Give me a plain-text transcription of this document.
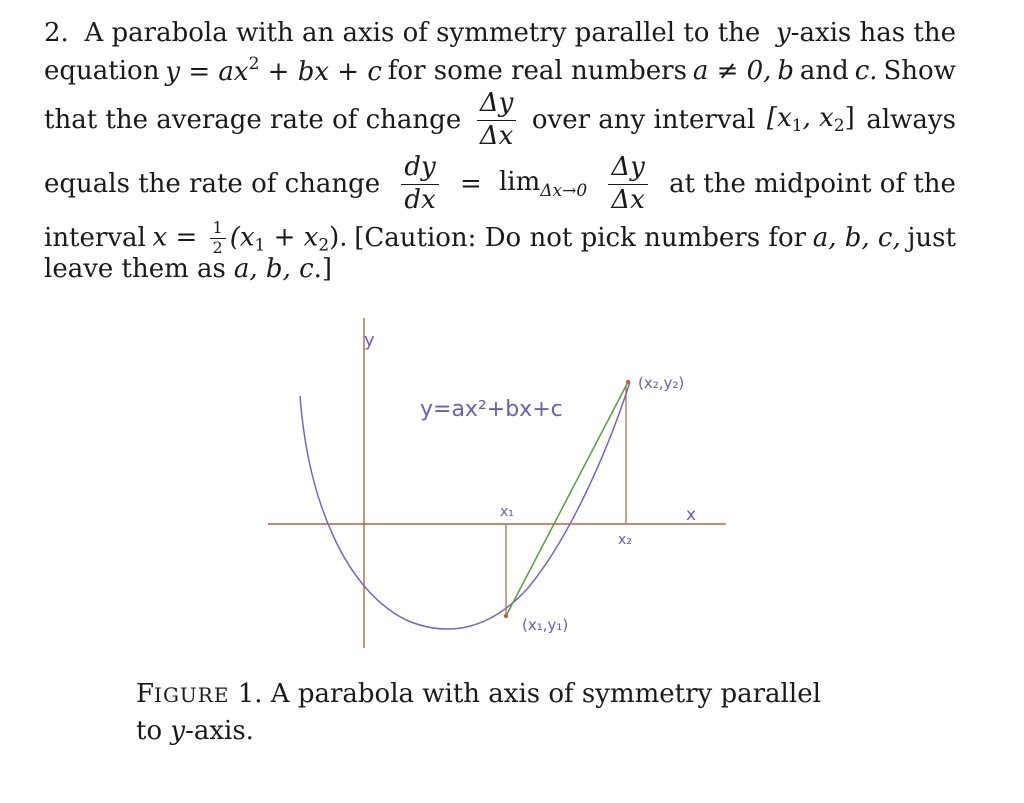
2. A parabola with an axis of symmetry parallel to the y-axis has the
equation $y = ax^2$ + bx + c for some real numbers a ≠ 0, b and c. Show
that the average rate of change $\frac{\Delta y}{\Delta x}$ over any interval [$x_1$, $x_2$] always
equals the rate of change $\frac{dy}{dx} = \lim_{\Delta x\to 0} \frac{\Delta y}{\Delta x}$ at the midpoint of the
interval $x = \frac{1}{2} (x_1 + x_2)$. [Caution: Do not pick numbers for a, b, c, just
leave them as a, b, c.]
y
x
y=ax²+bx+c
x₁
x₂
(x₁,y₁)
(x₂,y₂)
FIGURE 1. A parabola with axis of symmetry parallel
to y-axis.
